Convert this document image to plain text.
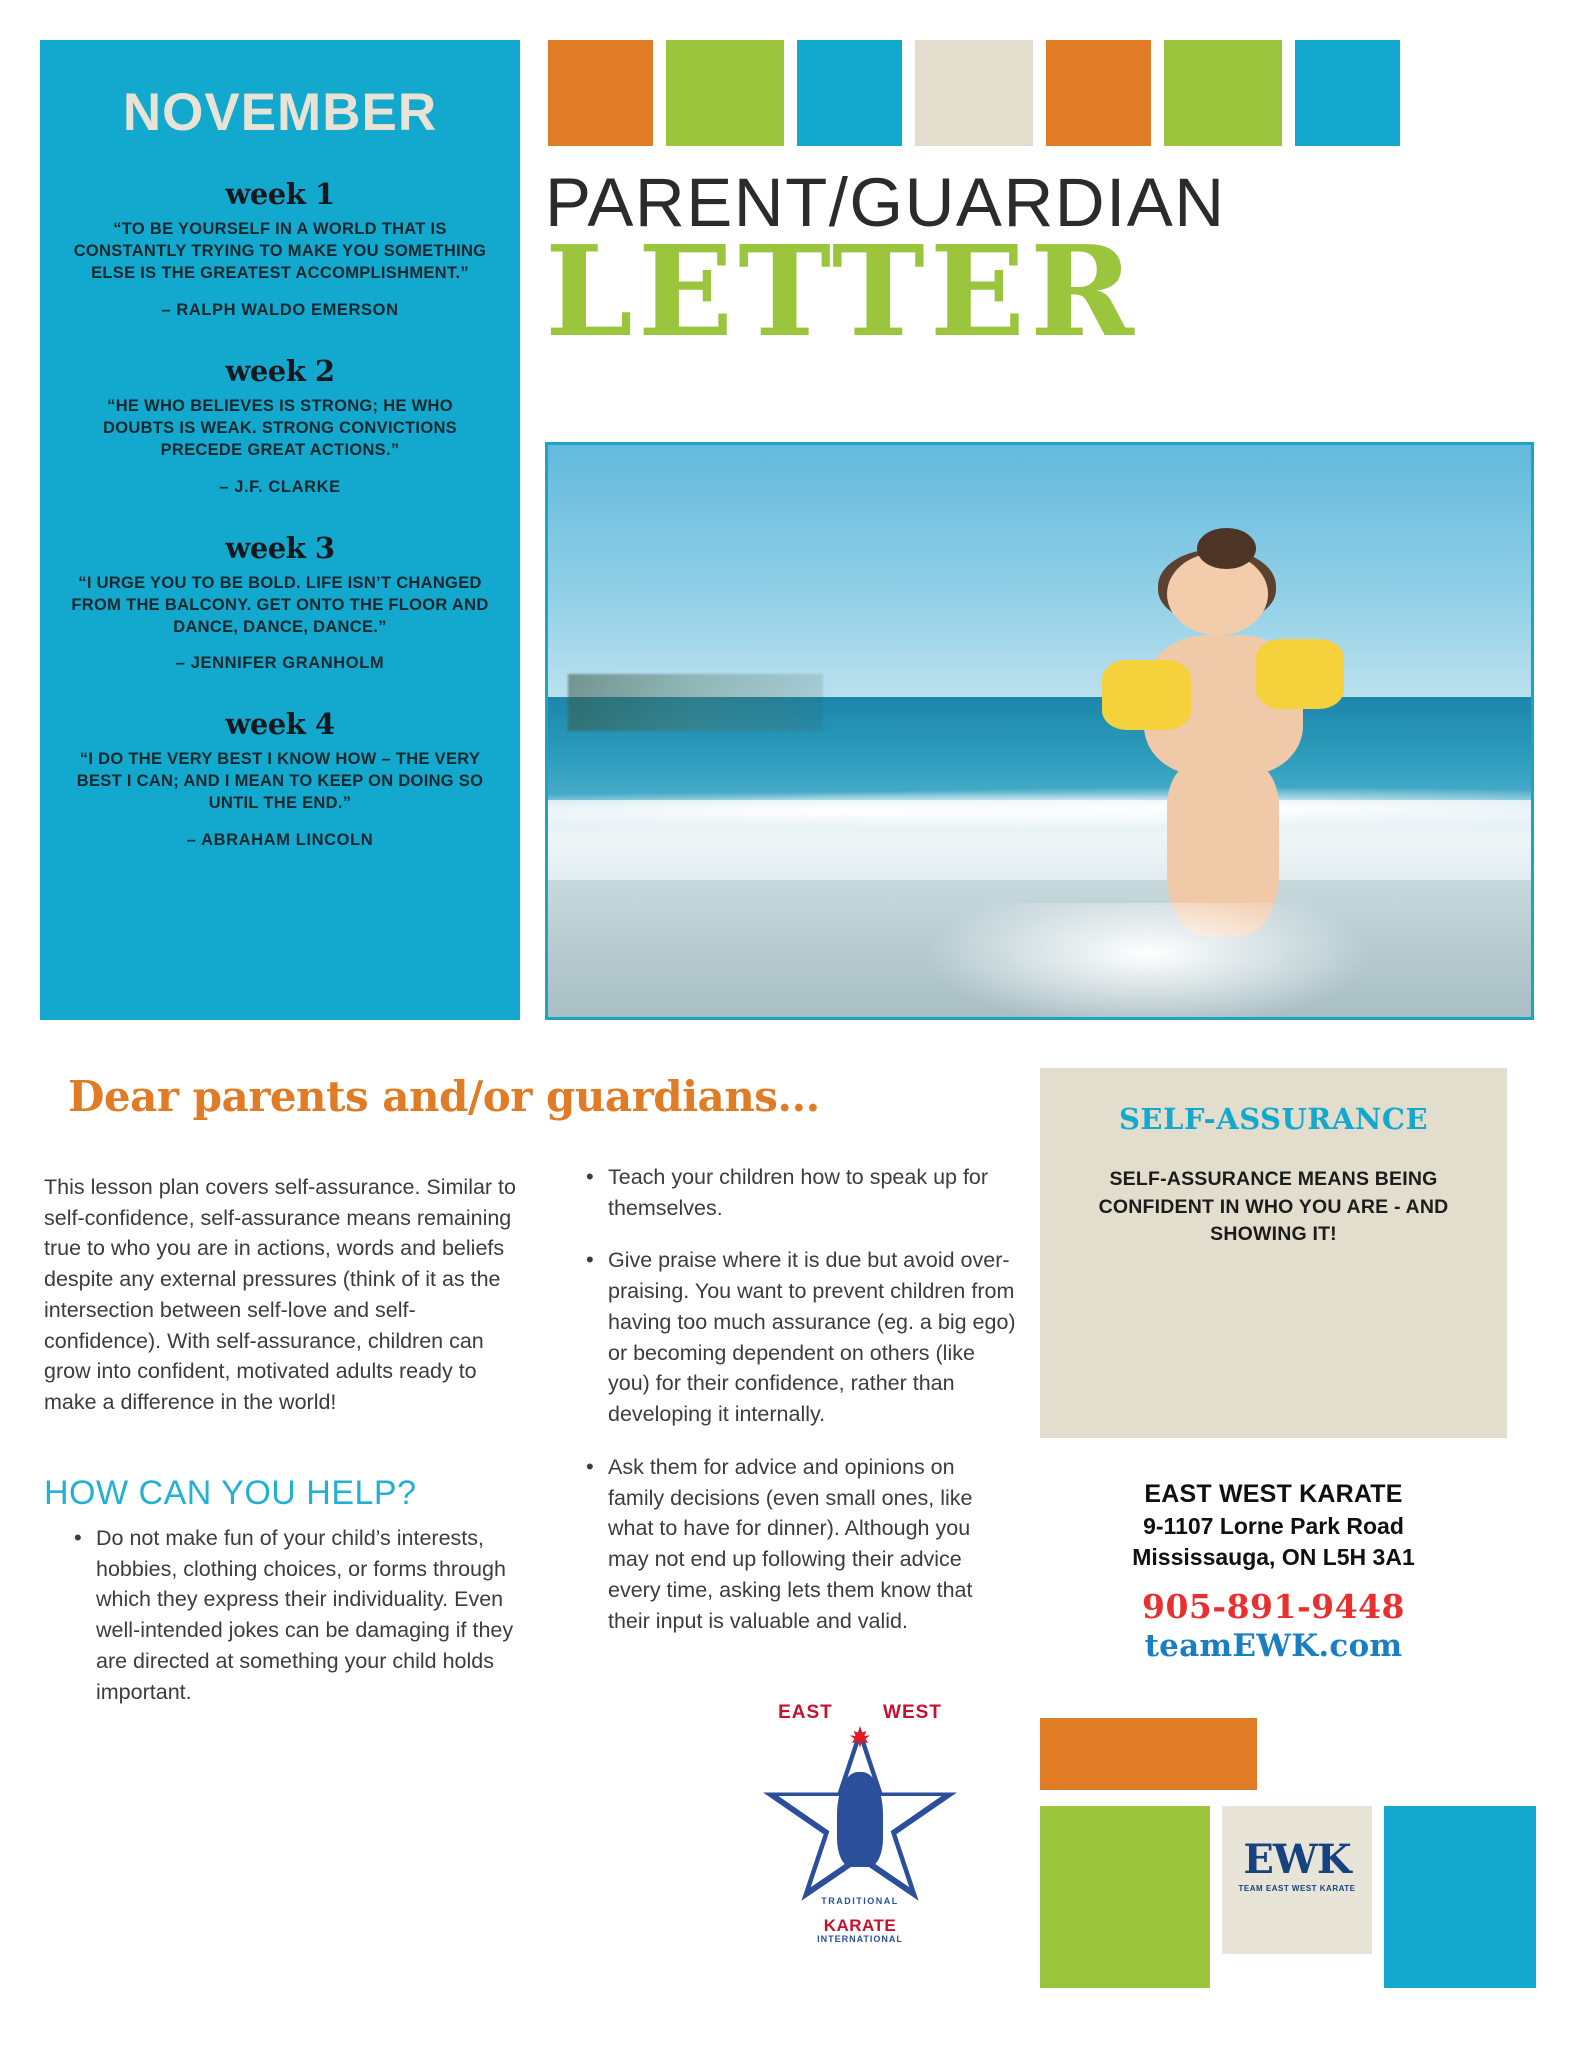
NOVEMBER
week 1
“TO BE YOURSELF IN A WORLD THAT IS CONSTANTLY TRYING TO MAKE YOU SOMETHING ELSE IS THE GREATEST ACCOMPLISHMENT.”
– RALPH WALDO EMERSON
week 2
“HE WHO BELIEVES IS STRONG; HE WHO DOUBTS IS WEAK. STRONG CONVICTIONS PRECEDE GREAT ACTIONS.”
– J.F. CLARKE
week 3
“I URGE YOU TO BE BOLD. LIFE ISN’T CHANGED FROM THE BALCONY. GET ONTO THE FLOOR AND DANCE, DANCE, DANCE.”
– JENNIFER GRANHOLM
week 4
“I DO THE VERY BEST I KNOW HOW – THE VERY BEST I CAN; AND I MEAN TO KEEP ON DOING SO UNTIL THE END.”
– ABRAHAM LINCOLN
PARENT/GUARDIAN
LETTER
Dear parents and/or guardians...

This lesson plan covers self-assurance. Similar to self-confidence, self-assurance means remaining true to who you are in actions, words and beliefs despite any external pressures (think of it as the intersection between self-love and self-confidence). With self-assurance, children can grow into confident, motivated adults ready to make a difference in the world!

HOW CAN YOU HELP?
• Do not make fun of your child’s interests, hobbies, clothing choices, or forms through which they express their individuality. Even well-intended jokes can be damaging if they are directed at something your child holds important.
• Teach your children how to speak up for themselves.
• Give praise where it is due but avoid over-praising. You want to prevent children from having too much assurance (eg. a big ego) or becoming dependent on others (like you) for their confidence, rather than developing it internally.
• Ask them for advice and opinions on family decisions (even small ones, like what to have for dinner). Although you may not end up following their advice every time, asking lets them know that their input is valuable and valid.
SELF-ASSURANCE
SELF-ASSURANCE MEANS BEING CONFIDENT IN WHO YOU ARE - AND SHOWING IT!

EAST WEST KARATE

9-1107 Lorne Park Road

Mississauga, ON L5H 3A1

905-891-9448

teamEWK.com

EAST	WEST
TRADITIONAL
KARATE
INTERNATIONAL
EWK
TEAM EAST WEST KARATE
